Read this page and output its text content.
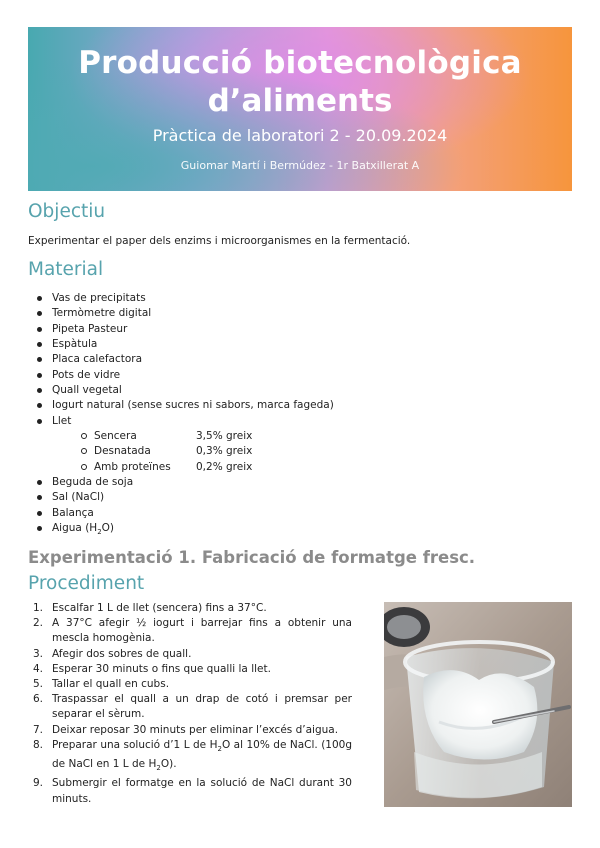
Producció biotecnològica
d’aliments
Pràctica de laboratori 2 - 20.09.2024
Guiomar Martí i Bermúdez - 1r Batxillerat A
Objectiu

Experimentar el paper dels enzims i microorganismes en la fermentació.

Material
Vas de precipitats
Termòmetre digital
Pipeta Pasteur
Espàtula
Placa calefactora
Pots de vidre
Quall vegetal
Iogurt natural (sense sucres ni sabors, marca fageda)
Llet
Sencera	3,5% greix
Desnatada	0,3% greix
Amb proteïnes 0,2% greix
Beguda de soja
Sal (NaCl)
Balança
Aigua $(H_2O)$
Experimentació 1. Fabricació de formatge fresc.
Procediment
1. Escalfar 1 L de llet (sencera) fins a 37°C.
2. A 37°C afegir ½ iogurt i barrejar fins a obtenir una mescla homogènia.
3. Afegir dos sobres de quall.
4. Esperar 30 minuts o fins que qualli la llet.
5. Tallar el quall en cubs.
6. Traspassar el quall a un drap de cotó i premsar per separar el sèrum.
7. Deixar reposar 30 minuts per eliminar l’excés d’aigua.
8. Preparar una solució d’1 L de $H_2O$ al 10% de NaCl. (100g de NaCl en 1 L de $H_2O$).
9. Submergir el formatge en la solució de NaCl durant 30 minuts.
